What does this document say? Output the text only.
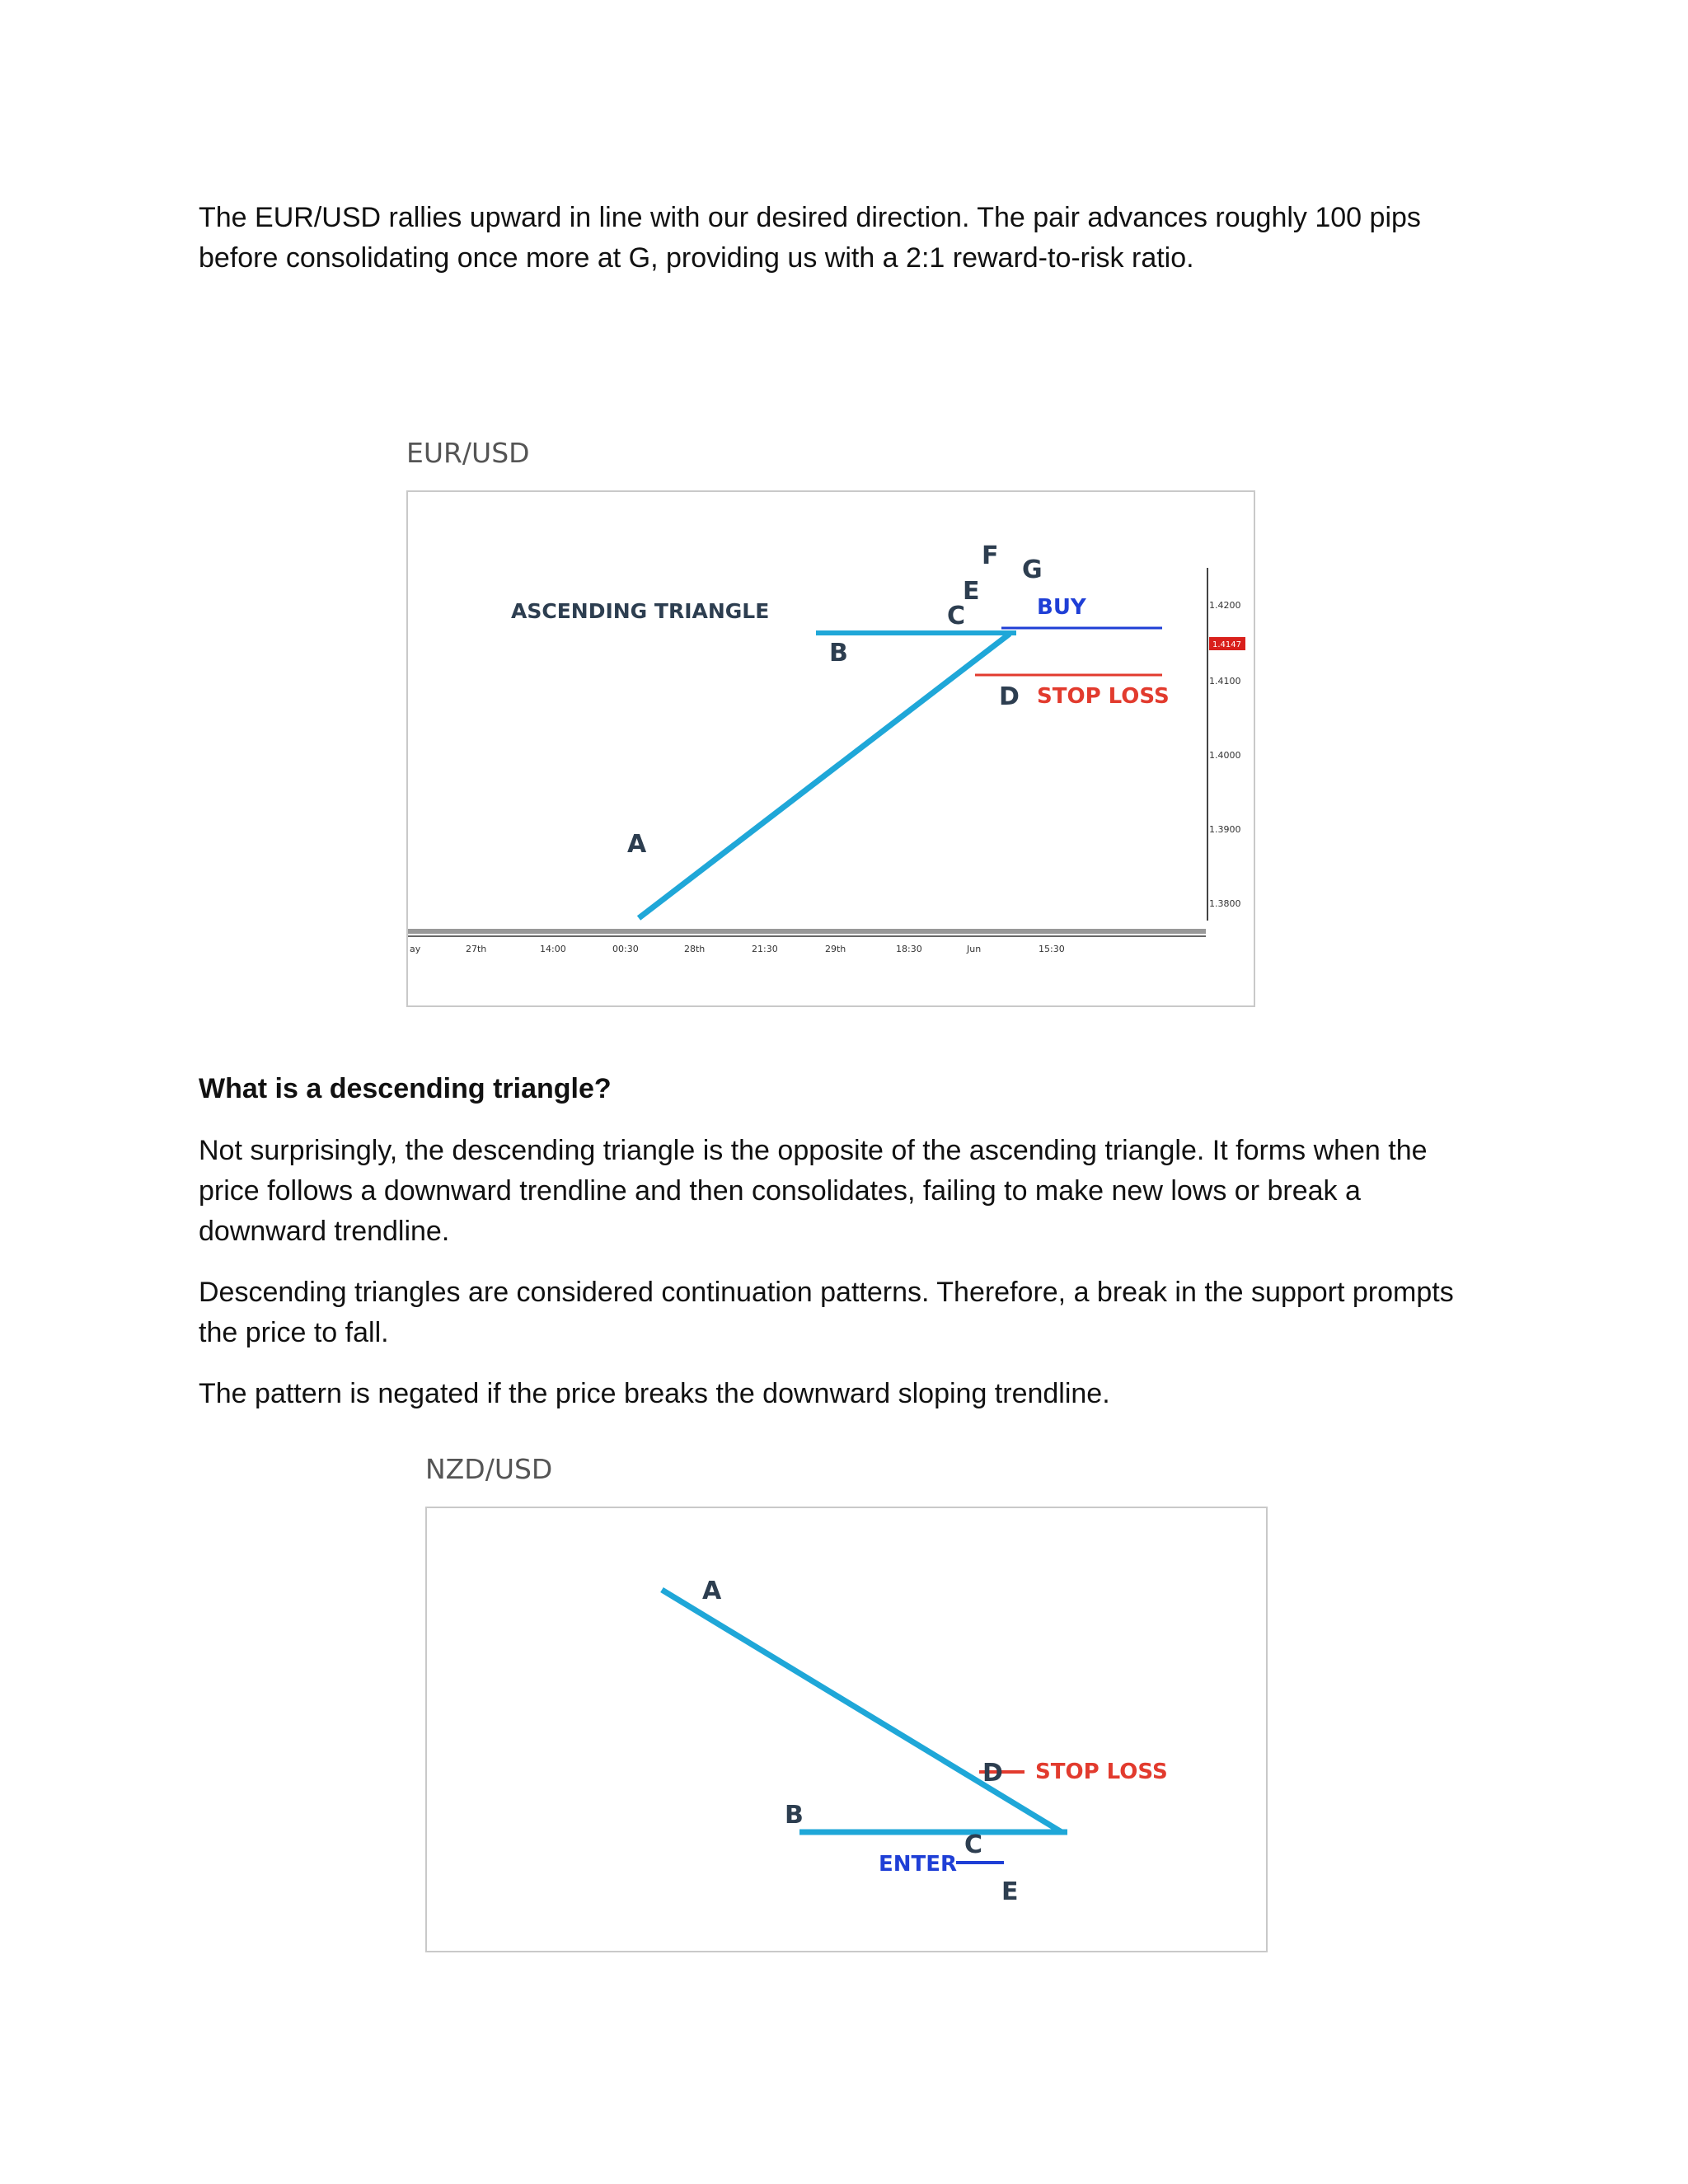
The EUR/USD rallies upward in line with our desired direction. The pair advances roughly 100 pips before consolidating once more at G, providing us with a 2:1 reward-to-risk ratio.

EUR/USD
ASCENDING TRIANGLE
A
B
C
D
E
F G
BUY
STOP LOSS
1.4200
1.4147
1.4100
1.4000
1.3900
1.3800
ay	27th	14:00	00:30	28th	21:30	29th	18:30	Jun	15:30

What is a descending triangle?

Not surprisingly, the descending triangle is the opposite of the ascending triangle. It forms when the price follows a downward trendline and then consolidates, failing to make new lows or break a downward trendline.

Descending triangles are considered continuation patterns. Therefore, a break in the support prompts the price to fall.

The pattern is negated if the price breaks the downward sloping trendline.

NZD/USD
A
B
C
D
E
STOP LOSS
ENTER
